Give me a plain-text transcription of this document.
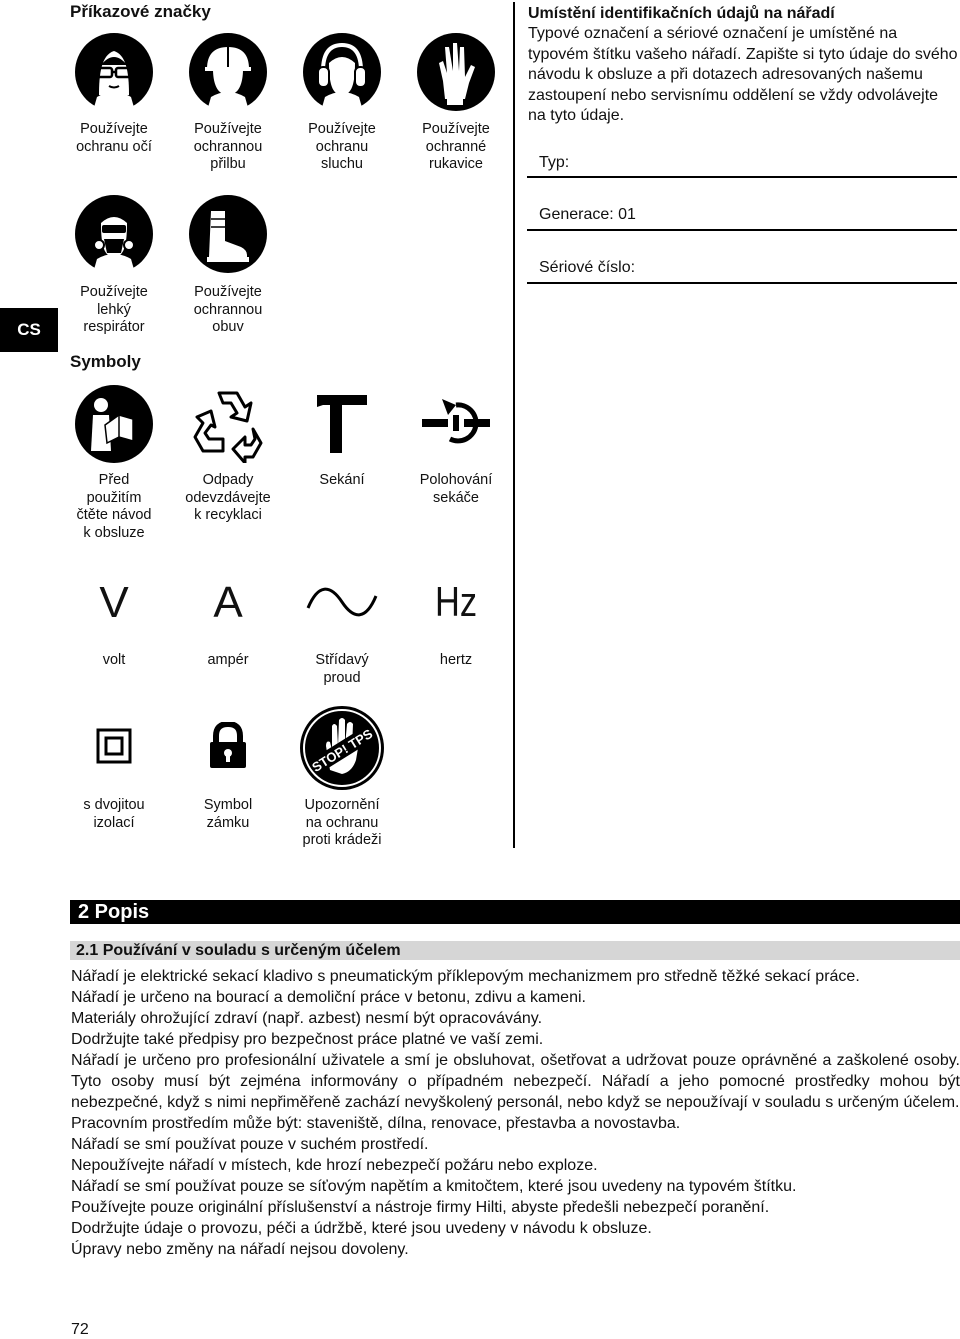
CS
Příkazové značky
Používejte
ochranu očí
Používejte
ochrannou
přilbu
Používejte
ochranu
sluchu
Používejte
ochranné
rukavice
Používejte
lehký
respirátor
Používejte
ochrannou
obuv
Symboly
Před
použitím
čtěte návod
k obsluze
Odpady
odevzdávejte
k recyklaci
Sekání	Polohování
sekáče
V	A	Hz
volt	ampér	Střídavý
proud
hertz
STOP! TPS
s dvojitou
izolací
Symbol
zámku
Upozornění
na ochranu
proti krádeži
Umístění identifikačních údajů na nářadí
Typové označení a sériové označení je umístěné na typovém štítku vašeho nářadí. Zapište si tyto údaje do svého návodu k obsluze a při dotazech adresovaných našemu zastoupení nebo servisnímu oddělení se vždy odvolávejte na tyto údaje.
Typ:
Generace: 01
Sériové číslo:
2 Popis
2.1 Používání v souladu s určeným účelem

Nářadí je elektrické sekací kladivo s pneumatickým příklepovým mechanizmem pro středně těžké sekací práce.

Nářadí je určeno na bourací a demoliční práce v betonu, zdivu a kameni.

Materiály ohrožující zdraví (např. azbest) nesmí být opracovávány.

Dodržujte také předpisy pro bezpečnost práce platné ve vaší zemi.

Nářadí je určeno pro profesionální uživatele a smí je obsluhovat, ošetřovat a udržovat pouze oprávněné a zaškolené osoby. Tyto osoby musí být zejména informovány o případném nebezpečí. Nářadí a jeho pomocné prostředky mohou být nebezpečné, když s nimi nepřiměřeně zachází nevyškolený personál, nebo když se nepoužívají v souladu s určeným účelem.

Pracovním prostředím může být: staveniště, dílna, renovace, přestavba a novostavba.

Nářadí se smí používat pouze v suchém prostředí.

Nepoužívejte nářadí v místech, kde hrozí nebezpečí požáru nebo exploze.

Nářadí se smí používat pouze se síťovým napětím a kmitočtem, které jsou uvedeny na typovém štítku.

Používejte pouze originální příslušenství a nástroje firmy Hilti, abyste předešli nebezpečí poranění.

Dodržujte údaje o provozu, péči a údržbě, které jsou uvedeny v návodu k obsluze.

Úpravy nebo změny na nářadí nejsou dovoleny.

72
